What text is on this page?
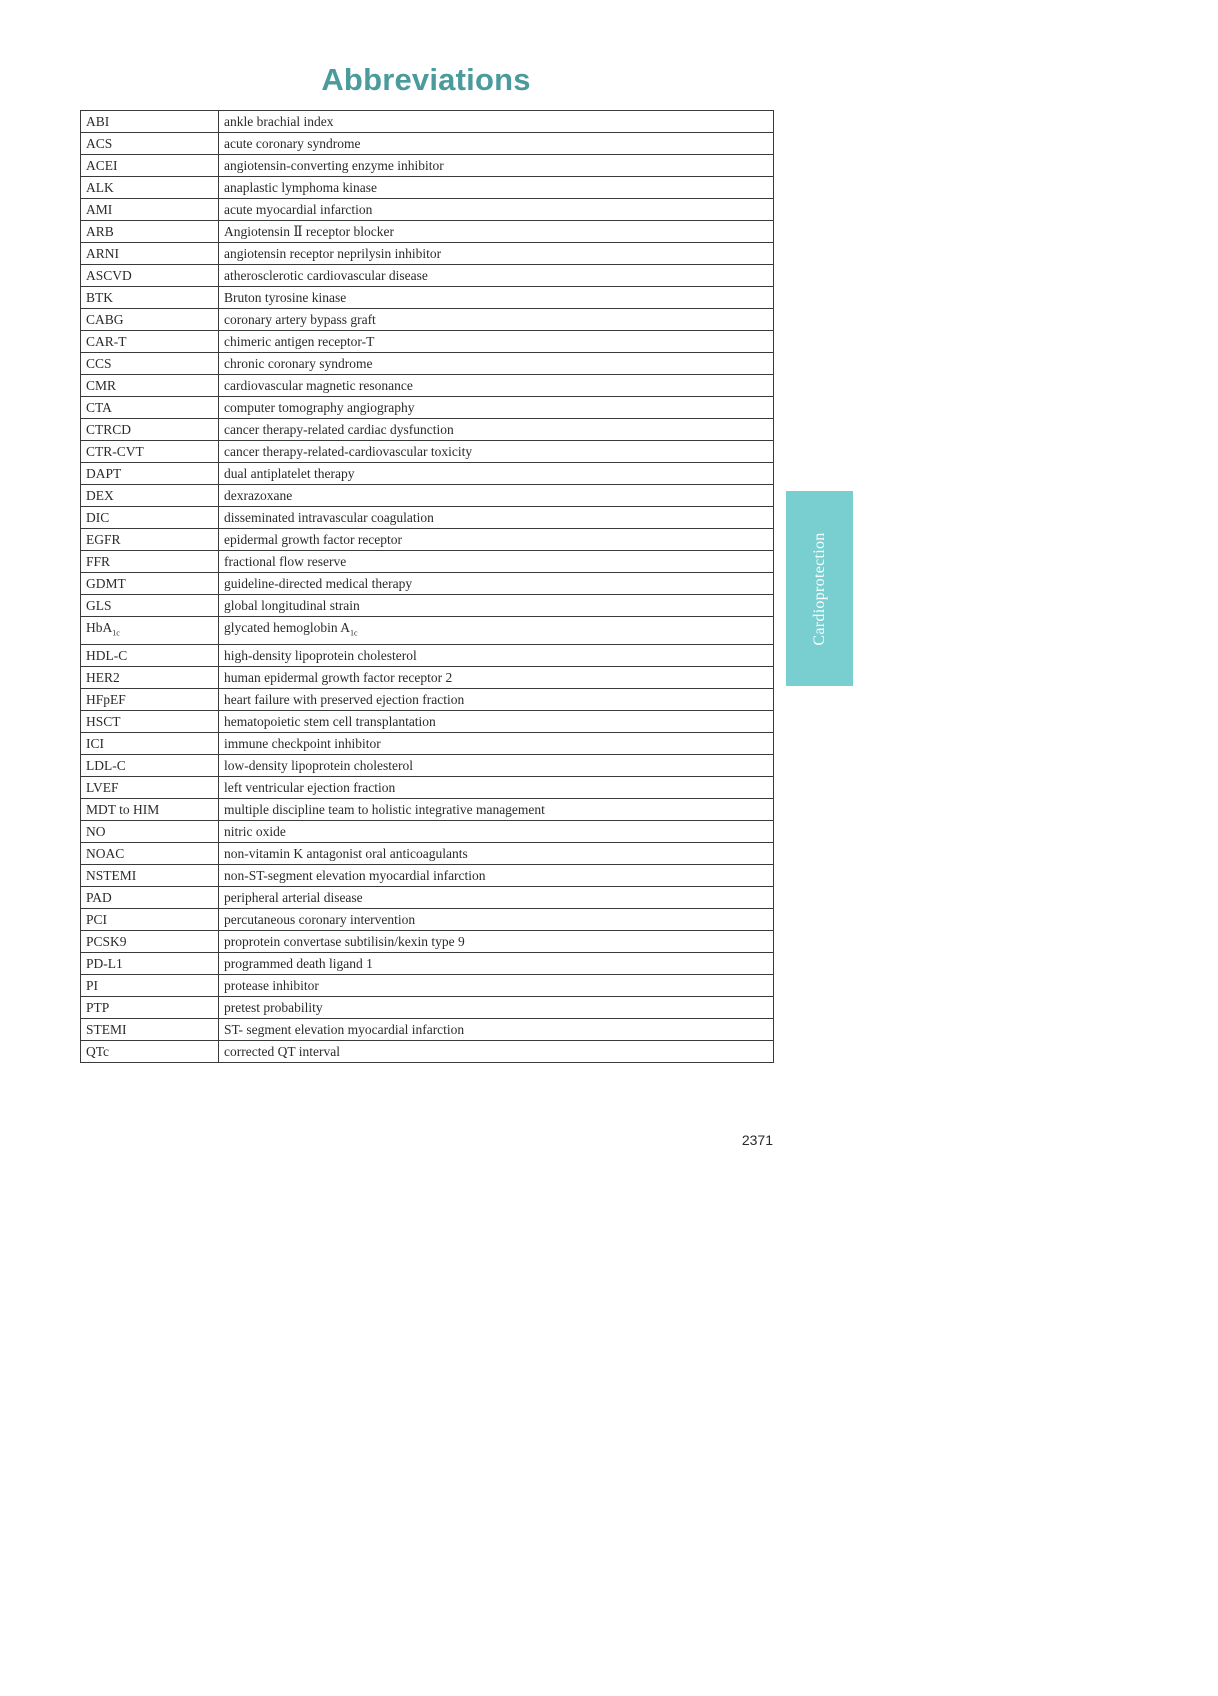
Abbreviations
ABI	ankle brachial index
ACS	acute coronary syndrome
ACEI	angiotensin-converting enzyme inhibitor
ALK	anaplastic lymphoma kinase
AMI	acute myocardial infarction
ARB	Angiotensin Ⅱ receptor blocker
ARNI	angiotensin receptor neprilysin inhibitor
ASCVD	atherosclerotic cardiovascular disease
BTK	Bruton tyrosine kinase
CABG	coronary artery bypass graft
CAR-T	chimeric antigen receptor-T
CCS	chronic coronary syndrome
CMR	cardiovascular magnetic resonance
CTA	computer tomography angiography
CTRCD	cancer therapy-related cardiac dysfunction
CTR-CVT	cancer therapy-related-cardiovascular toxicity
DAPT	dual antiplatelet therapy
DEX	dexrazoxane
DIC	disseminated intravascular coagulation
EGFR	epidermal growth factor receptor
FFR	fractional flow reserve
GDMT	guideline-directed medical therapy
GLS	global longitudinal strain
HbA$_{1c}$	glycated hemoglobin $A_{1c}$
HDL-C	high-density lipoprotein cholesterol
HER2	human epidermal growth factor receptor 2
HFpEF	heart failure with preserved ejection fraction
HSCT	hematopoietic stem cell transplantation
ICI	immune checkpoint inhibitor
LDL-C	low-density lipoprotein cholesterol
LVEF	left ventricular ejection fraction
MDT to HIM	multiple discipline team to holistic integrative management
NO	nitric oxide
NOAC	non-vitamin K antagonist oral anticoagulants
NSTEMI	non-ST-segment elevation myocardial infarction
PAD	peripheral arterial disease
PCI	percutaneous coronary intervention
PCSK9	proprotein convertase subtilisin/kexin type 9
PD-L1	programmed death ligand 1
PI	protease inhibitor
PTP	pretest probability
STEMI	ST- segment elevation myocardial infarction
QTc	corrected QT interval
Cardioprotection
2371
